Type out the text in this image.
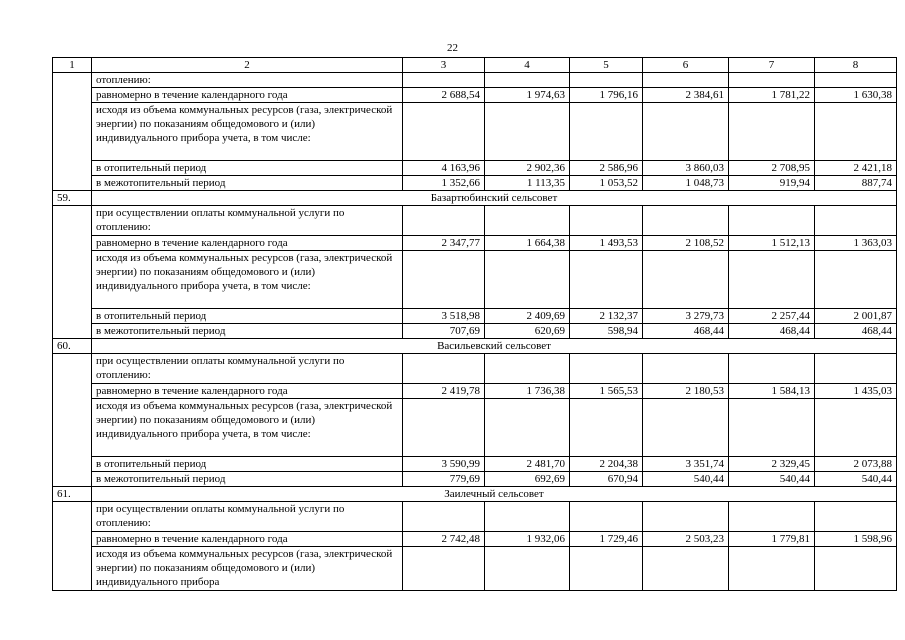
22
1	2	3	4	5	6	7	8
	отоплению:						
	равномерно в течение календарного года	2 688,54	1 974,63	1 796,16	2 384,61	1 781,22	1 630,38
	исходя из объема коммунальных ресурсов (газа, электрической энергии) по показаниям общедомового и (или) индивидуального прибора учета, в том числе:						
	в отопительный период	4 163,96	2 902,36	2 586,96	3 860,03	2 708,95	2 421,18
	в межотопительный период	1 352,66	1 113,35	1 053,52	1 048,73	919,94	887,74
59.	Базартюбинский сельсовет						
	при осуществлении оплаты коммунальной услуги по отоплению:						
	равномерно в течение календарного года	2 347,77	1 664,38	1 493,53	2 108,52	1 512,13	1 363,03
	исходя из объема коммунальных ресурсов (газа, электрической энергии) по показаниям общедомового и (или) индивидуального прибора учета, в том числе:						
	в отопительный период	3 518,98	2 409,69	2 132,37	3 279,73	2 257,44	2 001,87
	в межотопительный период	707,69	620,69	598,94	468,44	468,44	468,44
60.	Васильевский сельсовет						
	при осуществлении оплаты коммунальной услуги по отоплению:						
	равномерно в течение календарного года	2 419,78	1 736,38	1 565,53	2 180,53	1 584,13	1 435,03
	исходя из объема коммунальных ресурсов (газа, электрической энергии) по показаниям общедомового и (или) индивидуального прибора учета, в том числе:						
	в отопительный период	3 590,99	2 481,70	2 204,38	3 351,74	2 329,45	2 073,88
	в межотопительный период	779,69	692,69	670,94	540,44	540,44	540,44
61.	Заилечный сельсовет						
	при осуществлении оплаты коммунальной услуги по отоплению:						
	равномерно в течение календарного года	2 742,48	1 932,06	1 729,46	2 503,23	1 779,81	1 598,96
	исходя из объема коммунальных ресурсов (газа, электрической энергии) по показаниям общедомового и (или) индивидуального прибора						
